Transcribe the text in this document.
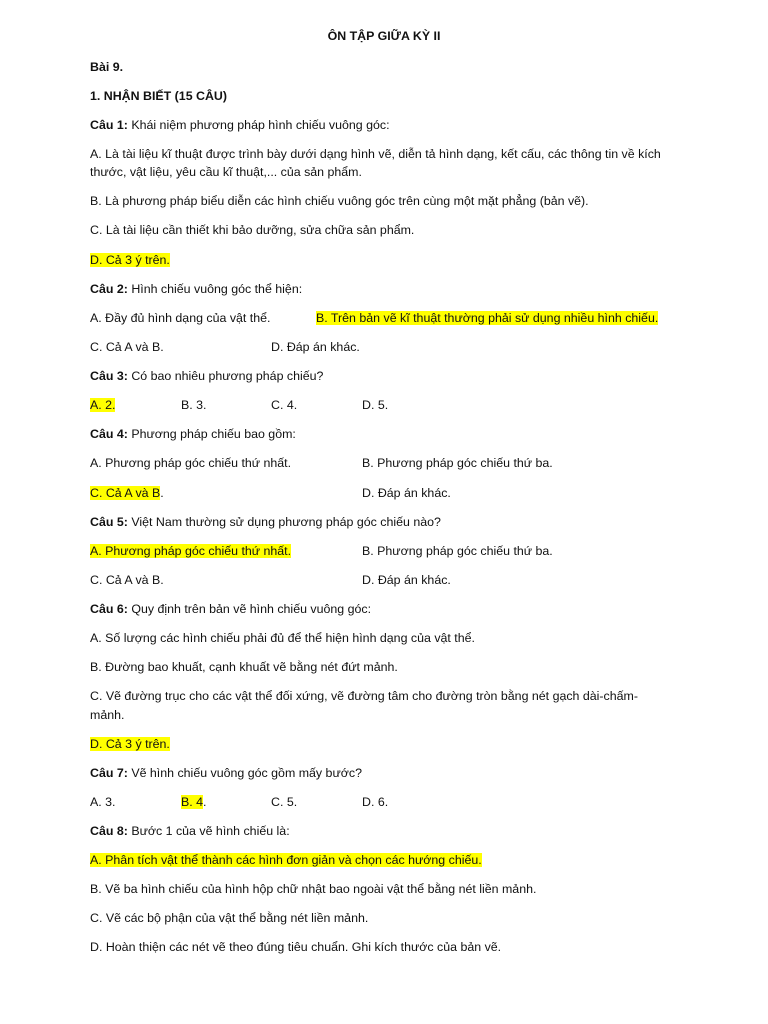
ÔN TẬP GIỮA KỲ II
Bài 9.
1. NHẬN BIẾT (15 CÂU)
Câu 1: Khái niệm phương pháp hình chiếu vuông góc:
A. Là tài liệu kĩ thuật được trình bày dưới dạng hình vẽ, diễn tả hình dạng, kết cấu, các thông tin về kích
thước, vật liệu, yêu cầu kĩ thuật,... của sản phẩm.
B. Là phương pháp biểu diễn các hình chiếu vuông góc trên cùng một mặt phẳng (bản vẽ).
C. Là tài liệu cần thiết khi bảo dưỡng, sửa chữa sản phẩm.
D. Cả 3 ý trên.
Câu 2: Hình chiếu vuông góc thể hiện:
A. Đầy đủ hình dạng của vật thể.	B. Trên bản vẽ kĩ thuật thường phải sử dụng nhiều hình chiếu.
C. Cả A và B.	D. Đáp án khác.
Câu 3: Có bao nhiêu phương pháp chiếu?
A. 2.	B. 3.	C. 4.	D. 5.
Câu 4: Phương pháp chiếu bao gồm:
A. Phương pháp góc chiếu thứ nhất.	B. Phương pháp góc chiếu thứ ba.
C. Cả A và B.	D. Đáp án khác.
Câu 5: Việt Nam thường sử dụng phương pháp góc chiếu nào?
A. Phương pháp góc chiếu thứ nhất.	B. Phương pháp góc chiếu thứ ba.
C. Cả A và B.	D. Đáp án khác.
Câu 6: Quy định trên bản vẽ hình chiếu vuông góc:
A. Số lượng các hình chiếu phải đủ để thể hiện hình dạng của vật thể.
B. Đường bao khuất, cạnh khuất vẽ bằng nét đứt mảnh.
C. Vẽ đường trục cho các vật thể đối xứng, vẽ đường tâm cho đường tròn bằng nét gạch dài-chấm-
mảnh.
D. Cả 3 ý trên.
Câu 7: Vẽ hình chiếu vuông góc gồm mấy bước?
A. 3.	B. 4.	C. 5.	D. 6.
Câu 8: Bước 1 của vẽ hình chiếu là:
A. Phân tích vật thể thành các hình đơn giản và chọn các hướng chiếu.
B. Vẽ ba hình chiếu của hình hộp chữ nhật bao ngoài vật thể bằng nét liền mảnh.
C. Vẽ các bộ phận của vật thể bằng nét liền mảnh.
D. Hoàn thiện các nét vẽ theo đúng tiêu chuẩn. Ghi kích thước của bản vẽ.
